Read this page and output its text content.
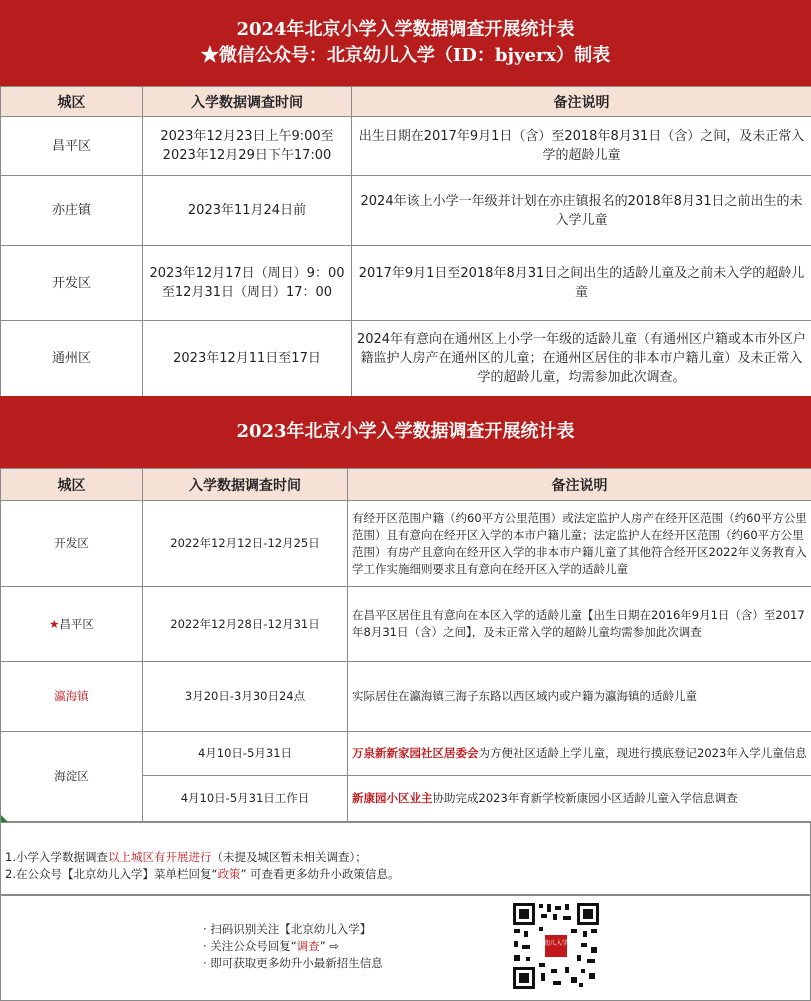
2024年北京小学入学数据调查开展统计表
★微信公众号：北京幼儿入学（ID：bjyerx）制表
城区	入学数据调查时间	备注说明
昌平区	2023年12月23日上午9:00至2023年12月29日下午17:00	出生日期在2017年9月1日（含）至2018年8月31日（含）之间，及未正常入学的超龄儿童
亦庄镇	2023年11月24日前	2024年该上小学一年级并计划在亦庄镇报名的2018年8月31日之前出生的未入学儿童
开发区	2023年12月17日（周日）9：00至12月31日（周日）17：00	2017年9月1日至2018年8月31日之间出生的适龄儿童及之前未入学的超龄儿童
通州区	2023年12月11日至17日	2024年有意向在通州区上小学一年级的适龄儿童（有通州区户籍或本市外区户籍监护人房产在通州区的儿童；在通州区居住的非本市户籍儿童）及未正常入学的超龄儿童，均需参加此次调查。
2023年北京小学入学数据调查开展统计表
城区	入学数据调查时间	备注说明
开发区	2022年12月12日-12月25日	有经开区范围户籍（约60平方公里范围）或法定监护人房产在经开区范围（约60平方公里范围）且有意向在经开区入学的本市户籍儿童；法定监护人在经开区范围（约60平方公里范围）有房产且意向在经开区入学的非本市户籍儿童了其他符合经开区2022年义务教育入学工作实施细则要求且有意向在经开区入学的适龄儿童
★昌平区	2022年12月28日-12月31日	在昌平区居住且有意向在本区入学的适龄儿童【出生日期在2016年9月1日（含）至2017年8月31日（含）之间】，及未正常入学的超龄儿童均需参加此次调查
瀛海镇	3月20日-3月30日24点	实际居住在瀛海镇三海子东路以西区域内或户籍为瀛海镇的适龄儿童
海淀区	4月10日-5月31日	万泉新新家园社区居委会为方便社区适龄上学儿童，现进行摸底登记2023年入学儿童信息
	4月10日-5月31日工作日	新康园小区业主协助完成2023年育新学校新康园小区适龄儿童入学信息调查
1.小学入学数据调查以上城区有开展进行（未提及城区暂未相关调查）；
2.在公众号【北京幼儿入学】菜单栏回复“政策” 可查看更多幼升小政策信息。
· 扫码识别关注【北京幼儿入学】
· 关注公众号回复“调查” ⇨
· 即可获取更多幼升小最新招生信息
幼儿入学
